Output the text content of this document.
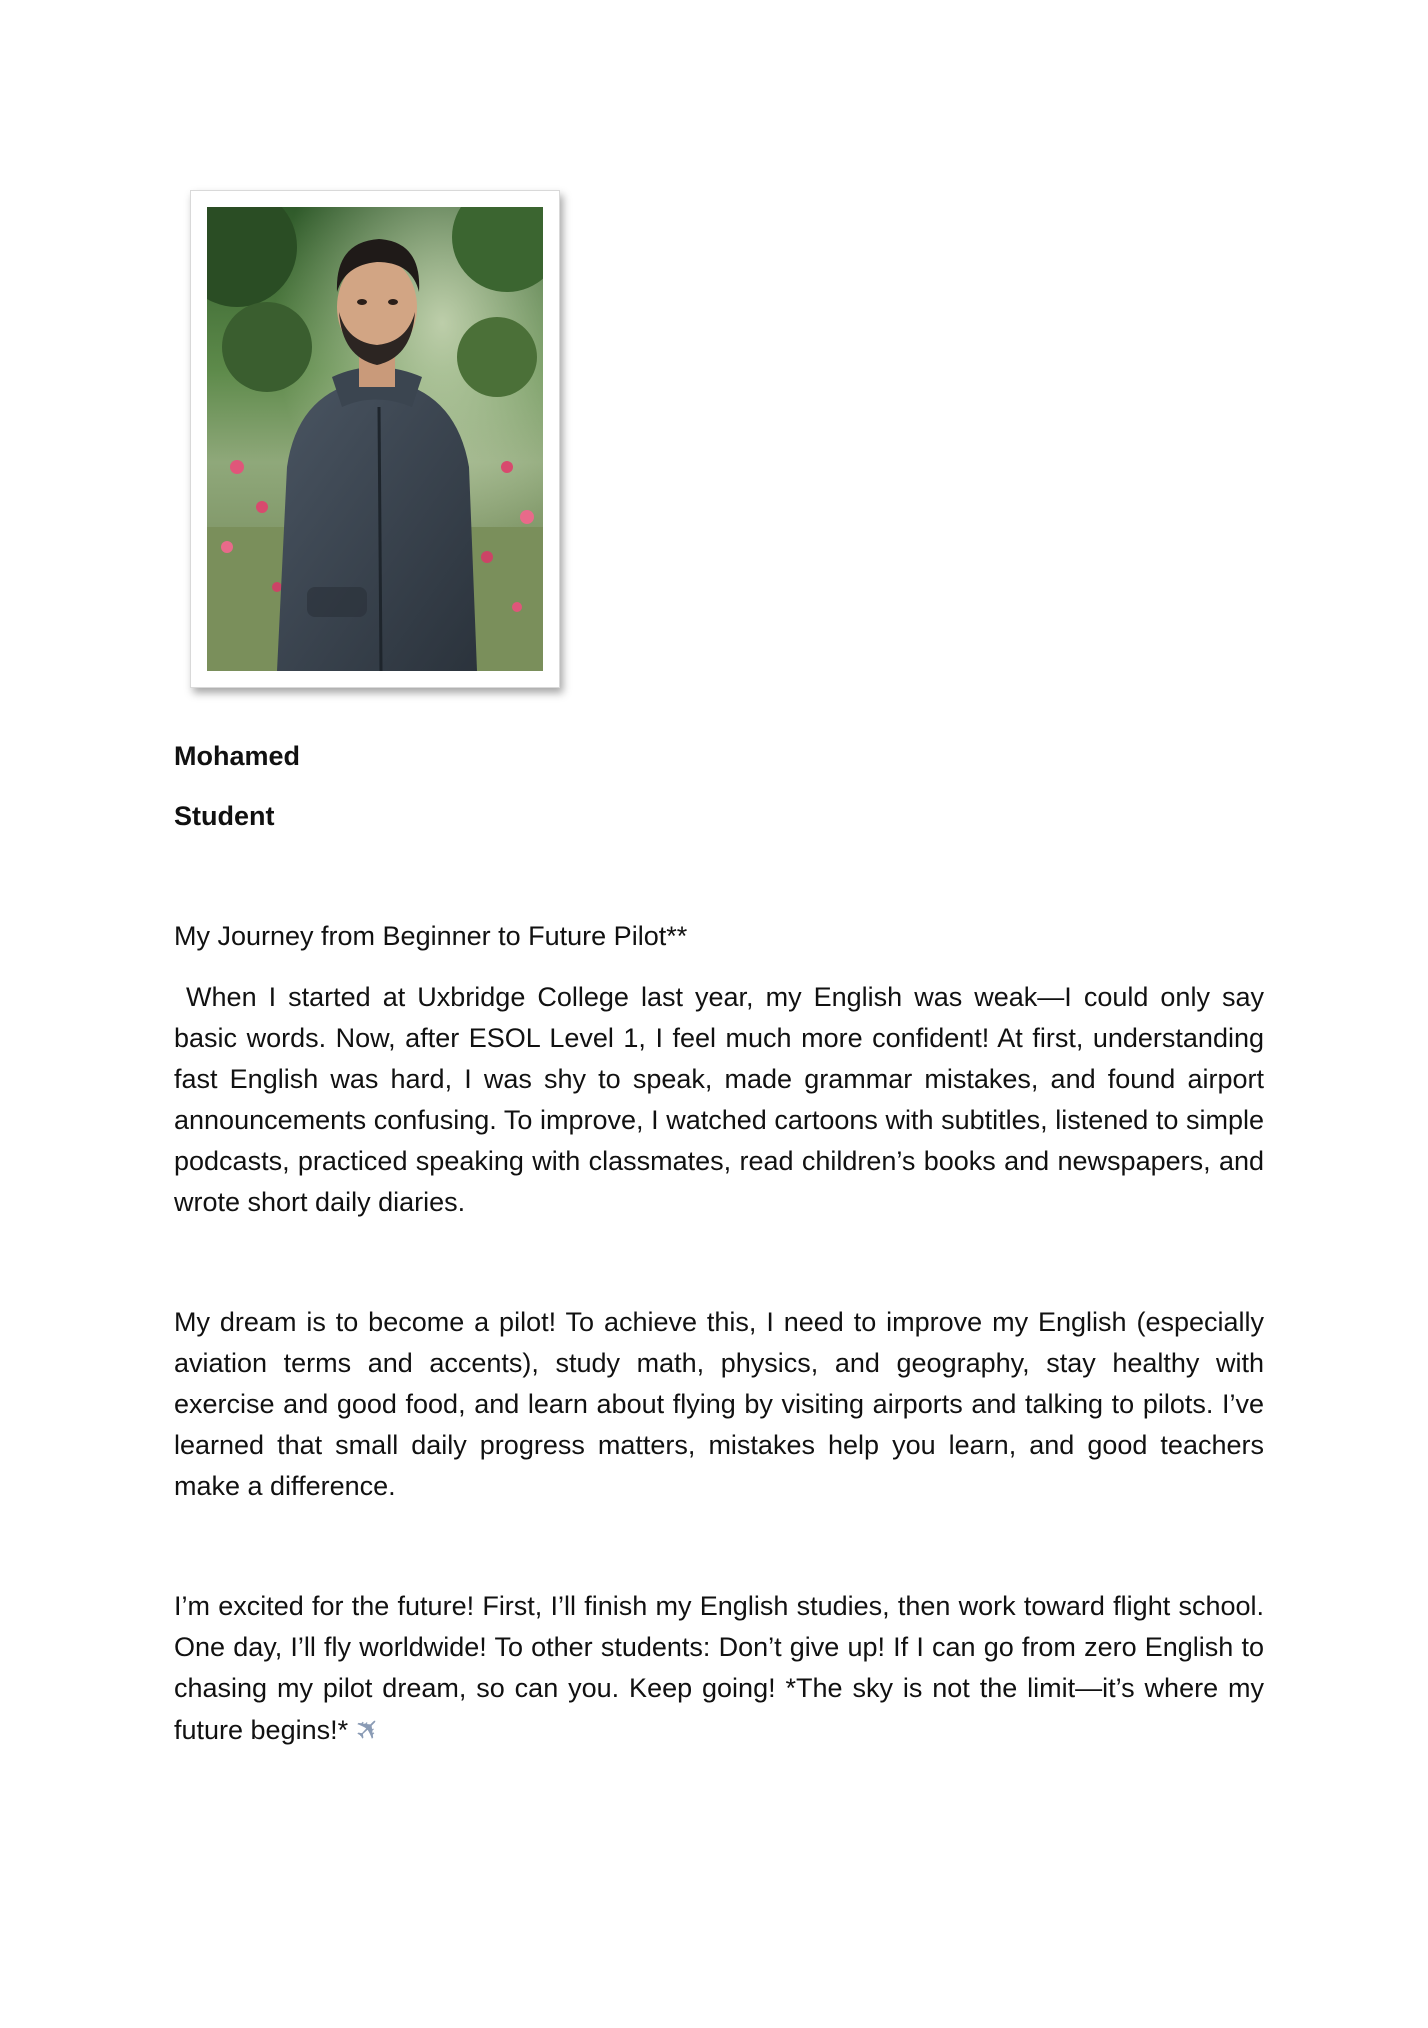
Mohamed
Student
My Journey from Beginner to Future Pilot**

When I started at Uxbridge College last year, my English was weak—I could only say basic words. Now, after ESOL Level 1, I feel much more confident! At first, understanding fast English was hard, I was shy to speak, made grammar mistakes, and found airport announcements confusing. To improve, I watched cartoons with subtitles, listened to simple podcasts, practiced speaking with classmates, read children’s books and newspapers, and wrote short daily diaries.

My dream is to become a pilot! To achieve this, I need to improve my English (especially aviation terms and accents), study math, physics, and geography, stay healthy with exercise and good food, and learn about flying by visiting airports and talking to pilots. I’ve learned that small daily progress matters, mistakes help you learn, and good teachers make a difference.

I’m excited for the future! First, I’ll finish my English studies, then work toward flight school. One day, I’ll fly worldwide! To other students: Don’t give up! If I can go from zero English to chasing my pilot dream, so can you. Keep going! *The sky is not the limit—it’s where my future begins!*✈
